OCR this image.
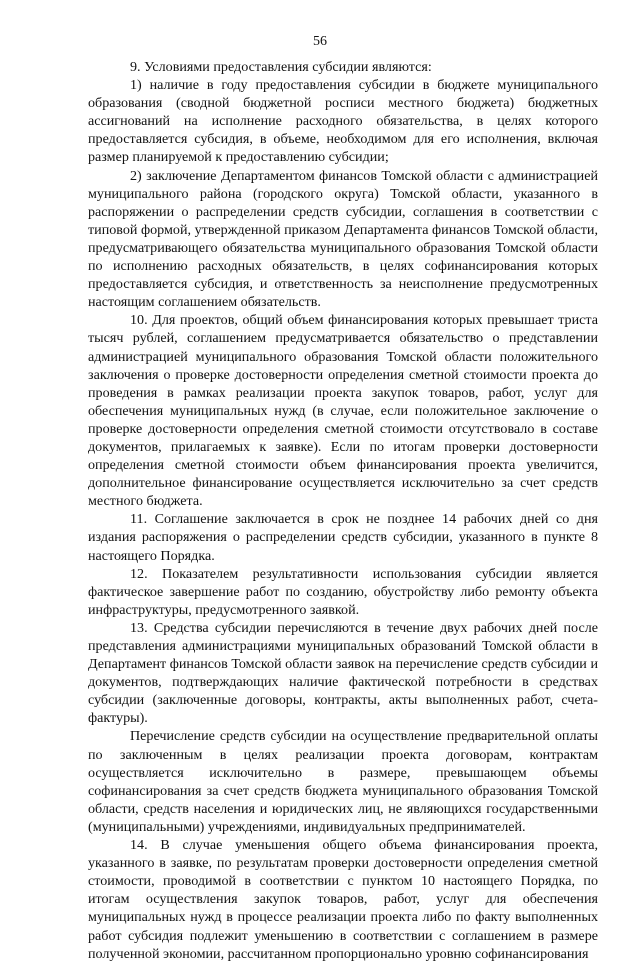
56

9. Условиями предоставления субсидии являются:

1) наличие в году предоставления субсидии в бюджете муниципального образования (сводной бюджетной росписи местного бюджета) бюджетных ассигнований на исполнение расходного обязательства, в целях которого предоставляется субсидия, в объеме, необходимом для его исполнения, включая размер планируемой к предоставлению субсидии;

2) заключение Департаментом финансов Томской области с администрацией муниципального района (городского округа) Томской области, указанного в распоряжении о распределении средств субсидии, соглашения в соответствии с типовой формой, утвержденной приказом Департамента финансов Томской области, предусматривающего обязательства муниципального образования Томской области по исполнению расходных обязательств, в целях софинансирования которых предоставляется субсидия, и ответственность за неисполнение предусмотренных настоящим соглашением обязательств.

10. Для проектов, общий объем финансирования которых превышает триста тысяч рублей, соглашением предусматривается обязательство о представлении администрацией муниципального образования Томской области положительного заключения о проверке достоверности определения сметной стоимости проекта до проведения в рамках реализации проекта закупок товаров, работ, услуг для обеспечения муниципальных нужд (в случае, если положительное заключение о проверке достоверности определения сметной стоимости отсутствовало в составе документов, прилагаемых к заявке). Если по итогам проверки достоверности определения сметной стоимости объем финансирования проекта увеличится, дополнительное финансирование осуществляется исключительно за счет средств местного бюджета.

11. Соглашение заключается в срок не позднее 14 рабочих дней со дня издания распоряжения о распределении средств субсидии, указанного в пункте 8 настоящего Порядка.

12. Показателем результативности использования субсидии является фактическое завершение работ по созданию, обустройству либо ремонту объекта инфраструктуры, предусмотренного заявкой.

13. Средства субсидии перечисляются в течение двух рабочих дней после представления администрациями муниципальных образований Томской области в Департамент финансов Томской области заявок на перечисление средств субсидии и документов, подтверждающих наличие фактической потребности в средствах субсидии (заключенные договоры, контракты, акты выполненных работ, счета-фактуры).

Перечисление средств субсидии на осуществление предварительной оплаты по заключенным в целях реализации проекта договорам, контрактам осуществляется исключительно в размере, превышающем объемы софинансирования за счет средств бюджета муниципального образования Томской области, средств населения и юридических лиц, не являющихся государственными (муниципальными) учреждениями, индивидуальных предпринимателей.

14. В случае уменьшения общего объема финансирования проекта, указанного в заявке, по результатам проверки достоверности определения сметной стоимости, проводимой в соответствии с пунктом 10 настоящего Порядка, по итогам осуществления закупок товаров, работ, услуг для обеспечения муниципальных нужд в процессе реализации проекта либо по факту выполненных работ субсидия подлежит уменьшению в соответствии с соглашением в размере полученной экономии, рассчитанном пропорционально уровню софинансирования
